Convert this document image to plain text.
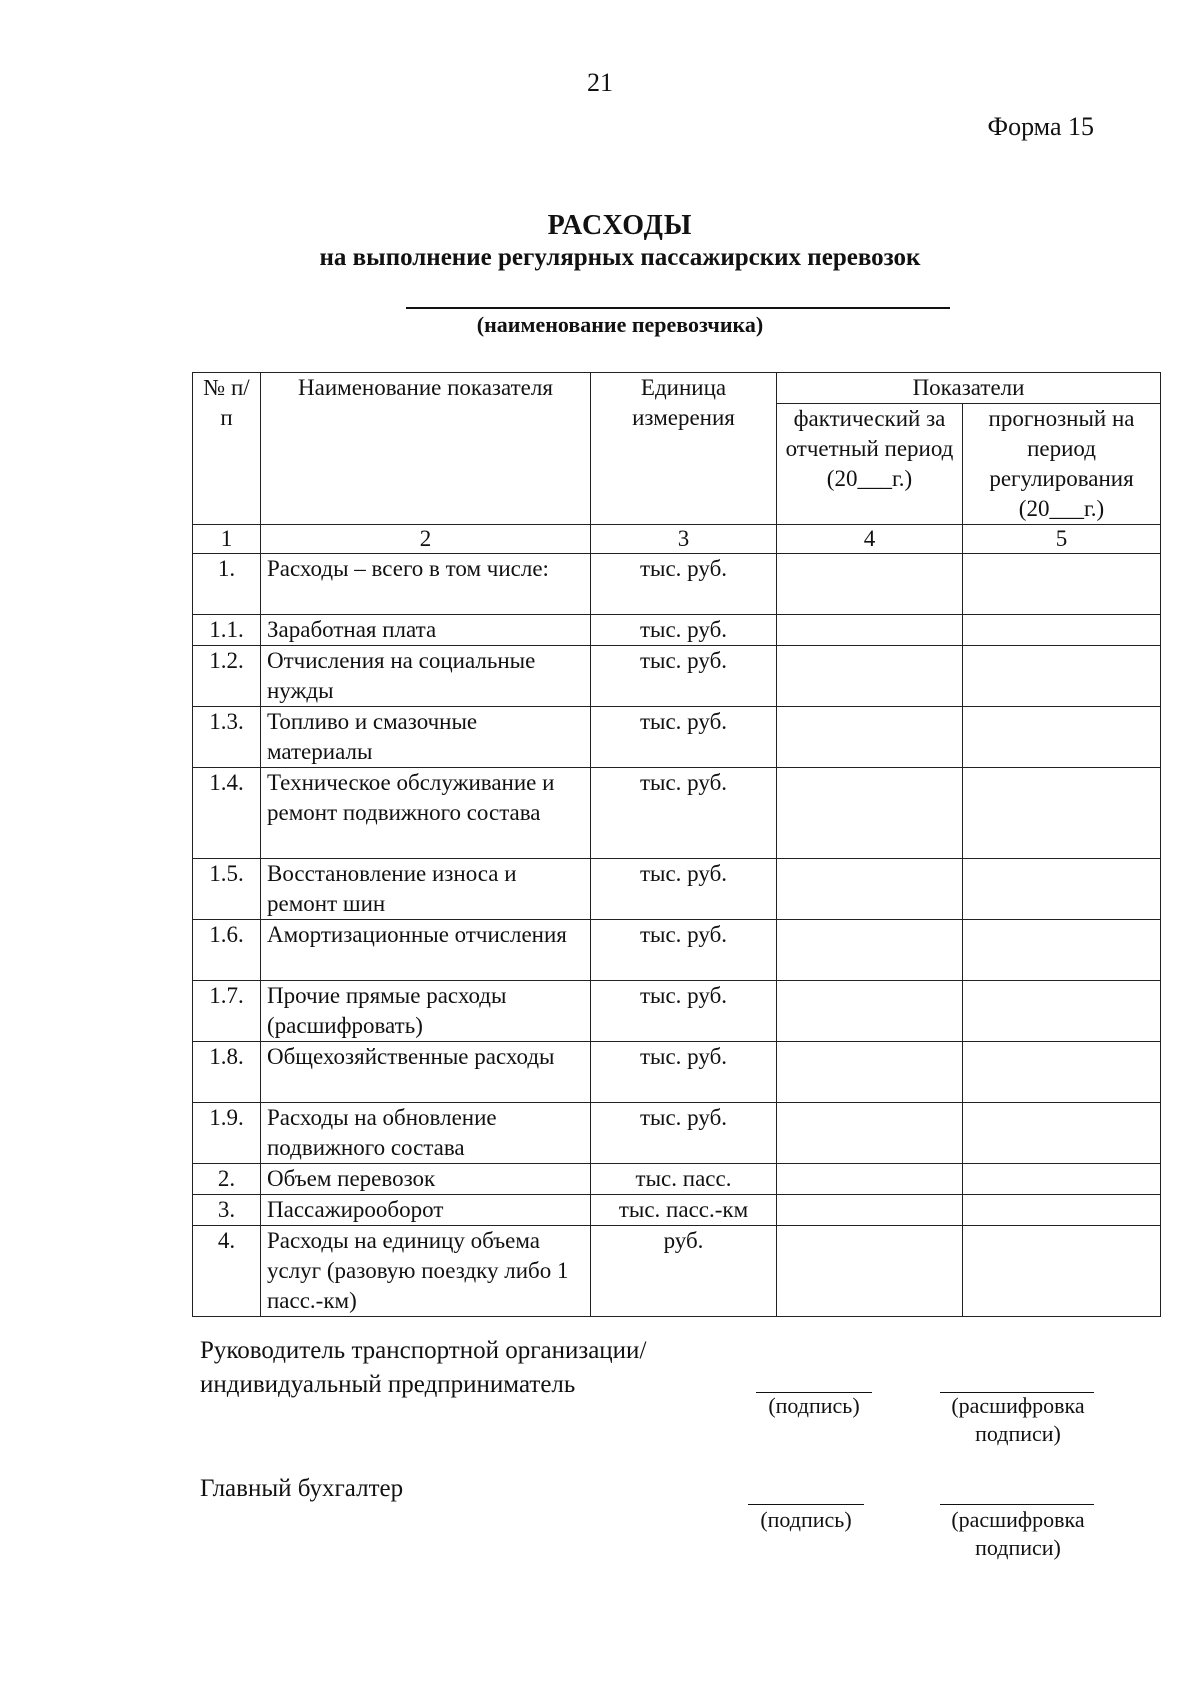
21
Форма 15
РАСХОДЫ
на выполнение регулярных пассажирских перевозок
(наименование перевозчика)
№ п/п	Наименование показателя	Единица измерения	Показатели	
			фактический за отчетный период (20___г.)	прогнозный на период регулирования (20___г.)
1	2	3	4	5
1.	Расходы – всего в том числе:	тыс. руб.		
1.1.	Заработная плата	тыс. руб.		
1.2.	Отчисления на социальные нужды	тыс. руб.		
1.3.	Топливо и смазочные материалы	тыс. руб.		
1.4.	Техническое обслуживание и ремонт подвижного состава	тыс. руб.		
1.5.	Восстановление износа и ремонт шин	тыс. руб.		
1.6.	Амортизационные отчисления	тыс. руб.		
1.7.	Прочие прямые расходы (расшифровать)	тыс. руб.		
1.8.	Общехозяйственные расходы	тыс. руб.		
1.9.	Расходы на обновление подвижного состава	тыс. руб.		
2.	Объем перевозок	тыс. пасс.		
3.	Пассажирооборот	тыс. пасс.-км		
4.	Расходы на единицу объема услуг (разовую поездку либо 1 пасс.-км)	руб.		
Руководитель транспортной организации/ индивидуальный предприниматель
(подпись)	(расшифровка подписи)
Главный бухгалтер
(подпись)	(расшифровка подписи)
